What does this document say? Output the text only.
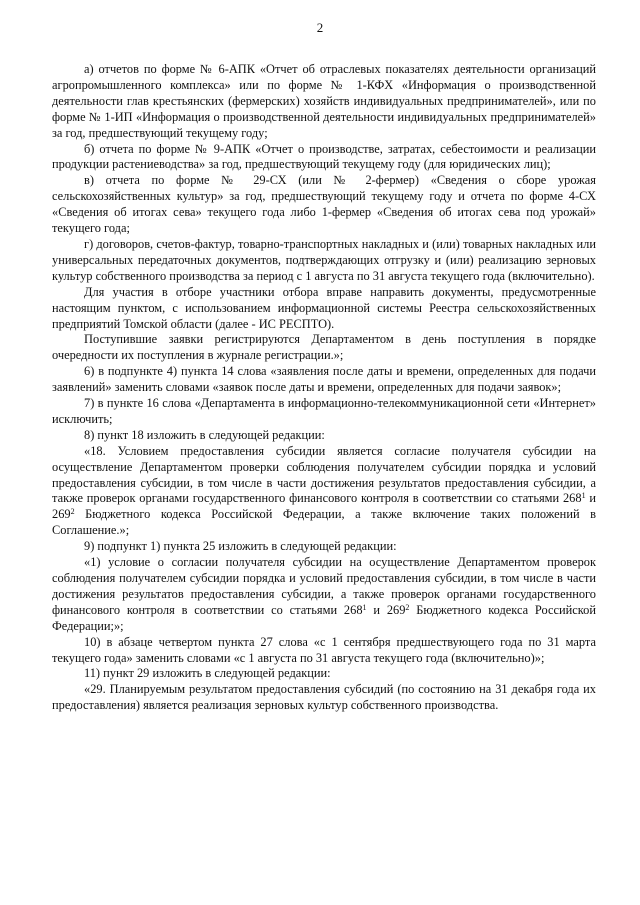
2

а) отчетов по форме № 6-АПК «Отчет об отраслевых показателях деятельности организаций агропромышленного комплекса» или по форме № 1-КФХ «Информация о производственной деятельности глав крестьянских (фермерских) хозяйств индивидуальных предпринимателей», или по форме № 1-ИП «Информация о производственной деятельности индивидуальных предпринимателей» за год, предшествующий текущему году;

б) отчета по форме № 9-АПК «Отчет о производстве, затратах, себестоимости и реализации продукции растениеводства» за год, предшествующий текущему году (для юридических лиц);

в) отчета по форме № 29-СХ (или № 2-фермер) «Сведения о сборе урожая сельскохозяйственных культур» за год, предшествующий текущему году и отчета по форме 4-СХ «Сведения об итогах сева» текущего года либо 1-фермер «Сведения об итогах сева под урожай» текущего года;

г) договоров, счетов-фактур, товарно-транспортных накладных и (или) товарных накладных или универсальных передаточных документов, подтверждающих отгрузку и (или) реализацию зерновых культур собственного производства за период с 1 августа по 31 августа текущего года (включительно).

Для участия в отборе участники отбора вправе направить документы, предусмотренные настоящим пунктом, с использованием информационной системы Реестра сельскохозяйственных предприятий Томской области (далее - ИС РЕСПТО).

Поступившие заявки регистрируются Департаментом в день поступления в порядке очередности их поступления в журнале регистрации.»;

6) в подпункте 4) пункта 14 слова «заявления после даты и времени, определенных для подачи заявлений» заменить словами «заявок после даты и времени, определенных для подачи заявок»;

7) в пункте 16 слова «Департамента в информационно-телекоммуникационной сети «Интернет» исключить;

8) пункт 18 изложить в следующей редакции:

«18. Условием предоставления субсидии является согласие получателя субсидии на осуществление Департаментом проверки соблюдения получателем субсидии порядка и условий предоставления субсидии, в том числе в части достижения результатов предоставления субсидии, а также проверок органами государственного финансового контроля в соответствии со статьями $268^1$ и $269^2$ Бюджетного кодекса Российской Федерации, а также включение таких положений в Соглашение.»;

9) подпункт 1) пункта 25 изложить в следующей редакции:

«1) условие о согласии получателя субсидии на осуществление Департаментом проверок соблюдения получателем субсидии порядка и условий предоставления субсидии, в том числе в части достижения результатов предоставления субсидии, а также проверок органами государственного финансового контроля в соответствии со статьями $268^1$ и $269^2$ Бюджетного кодекса Российской Федерации;»;

10) в абзаце четвертом пункта 27 слова «с 1 сентября предшествующего года по 31 марта текущего года» заменить словами «с 1 августа по 31 августа текущего года (включительно)»;

11) пункт 29 изложить в следующей редакции:

«29. Планируемым результатом предоставления субсидий (по состоянию на 31 декабря года их предоставления) является реализация зерновых культур собственного производства.
